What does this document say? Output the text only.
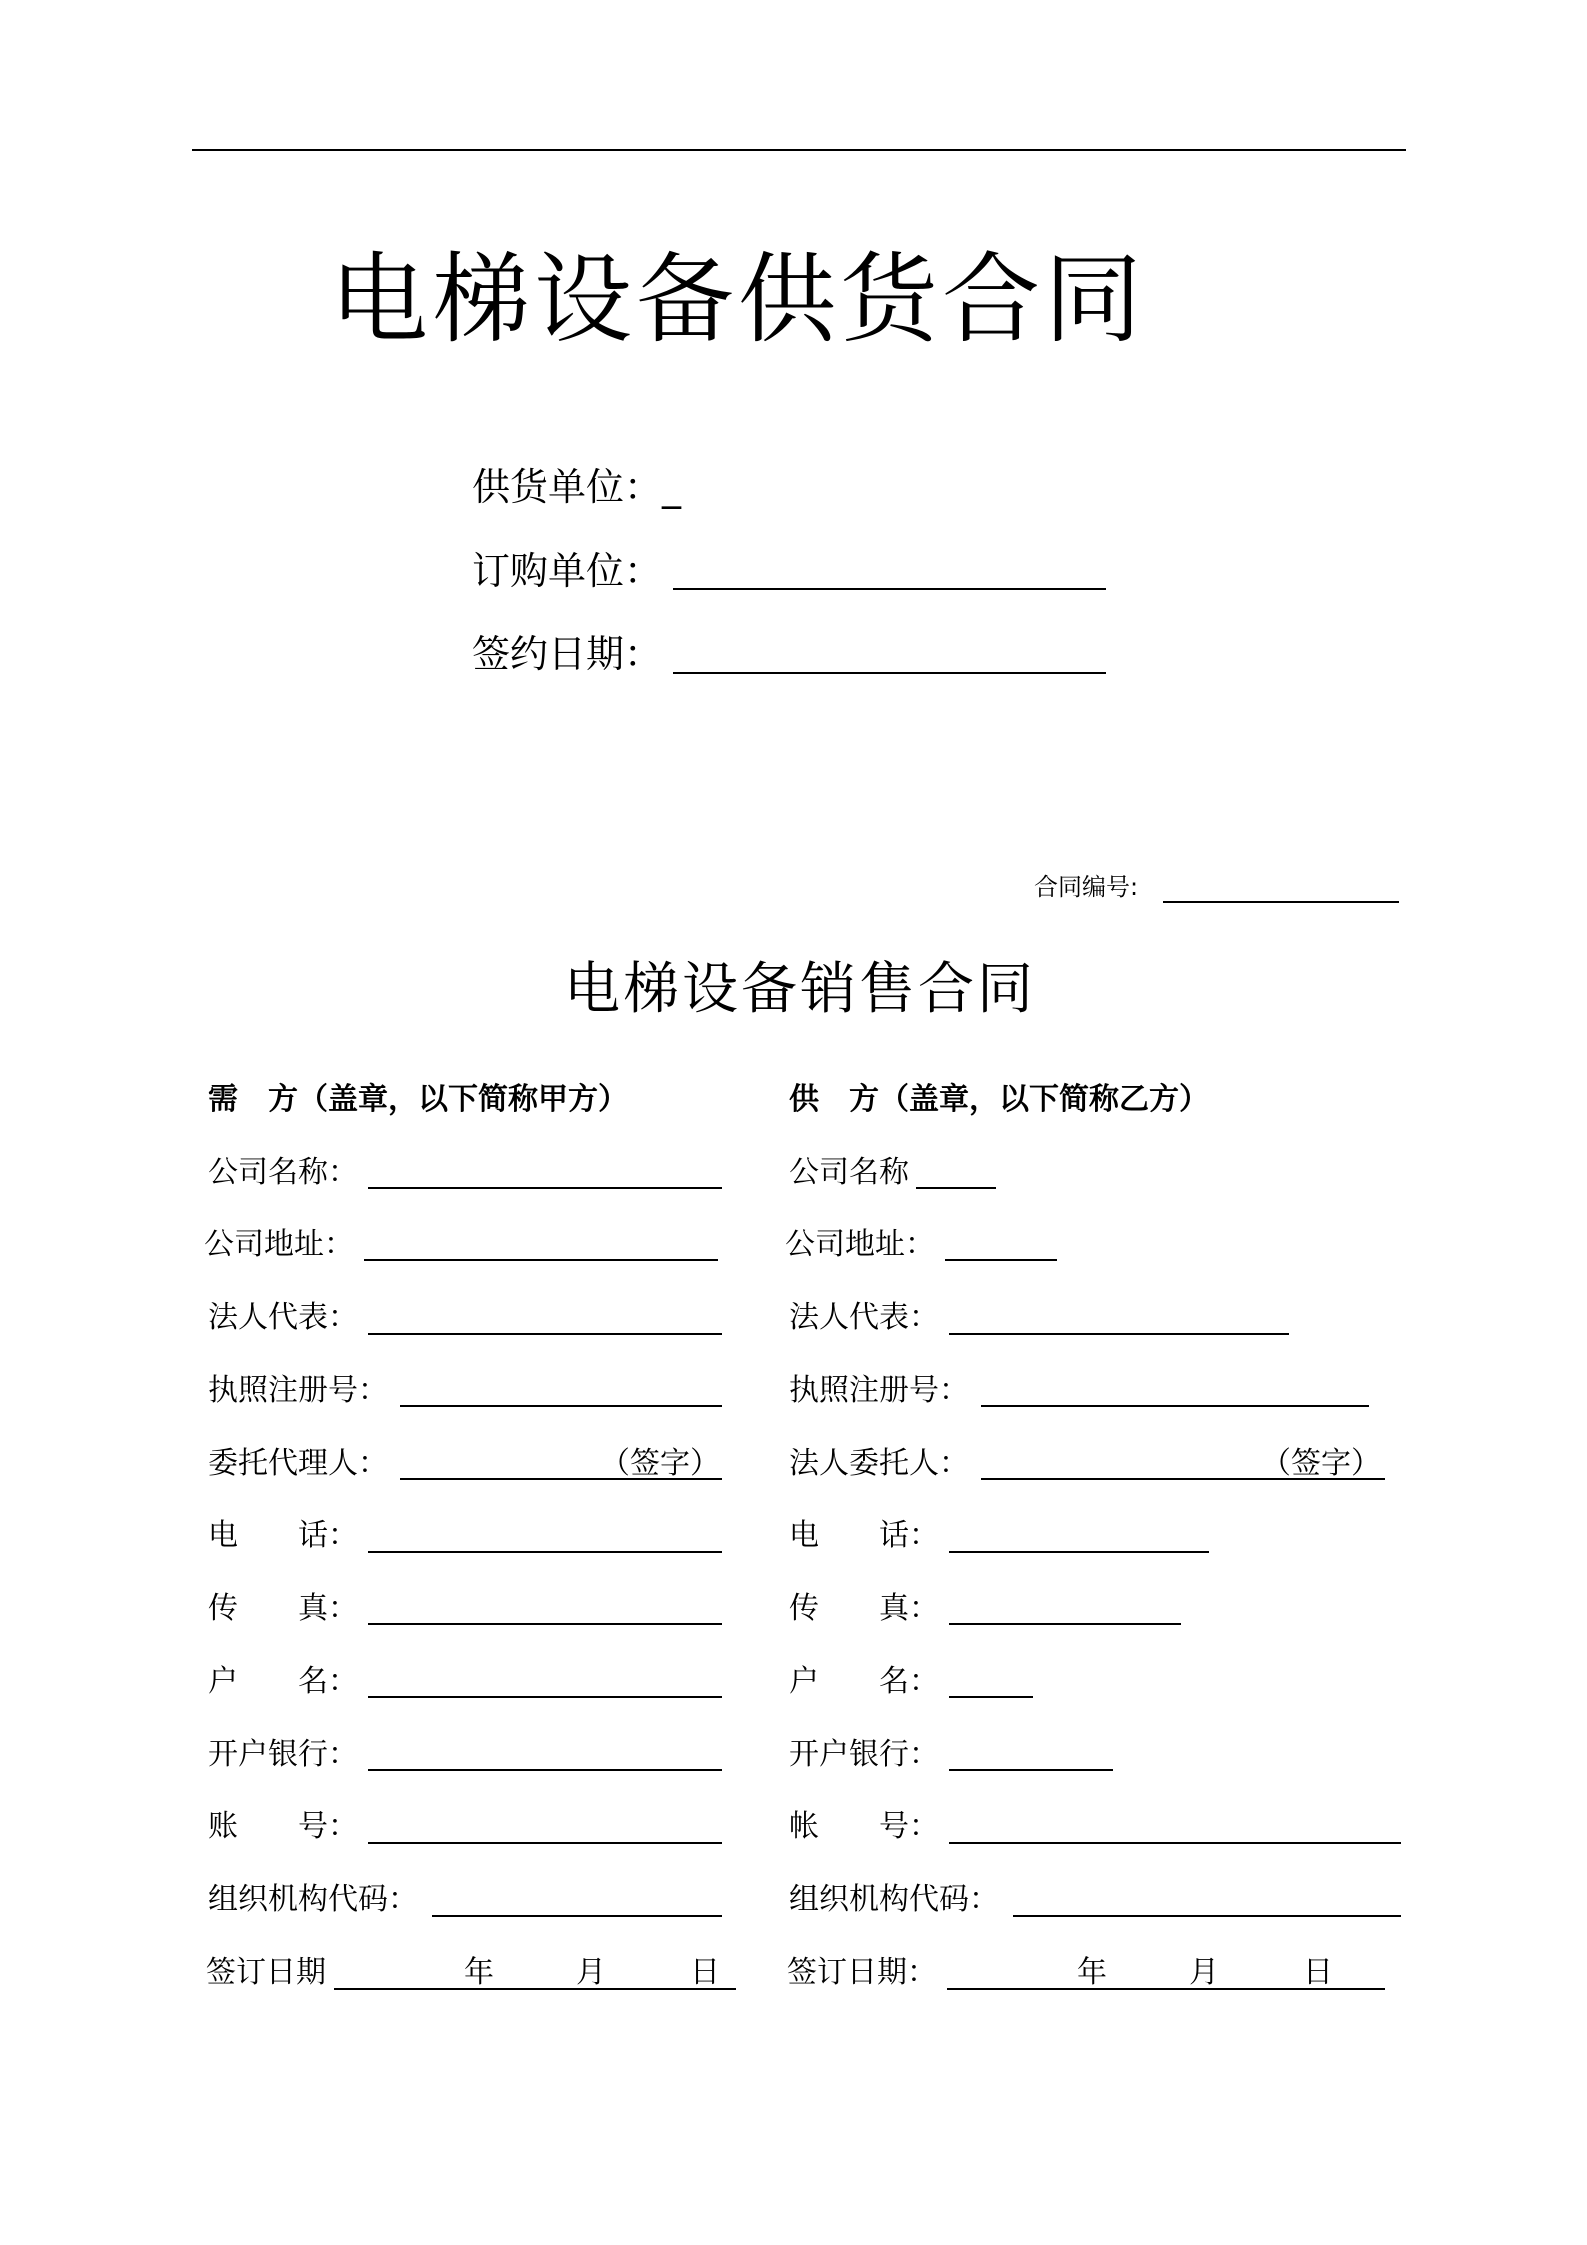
电梯设备供货合同
供货单位：_
订购单位：
签约日期：
合同编号:
电梯设备销售合同
需　方（盖章，以下简称甲方）
公司名称：
公司地址：
法人代表：
执照注册号：
委托代理人：	（签字）
电　　话：
传　　真：
户　　名：
开户银行：
账　　号：
组织机构代码：
签订日期	年	月	日
供　方（盖章，以下简称乙方）
公司名称
公司地址：
法人代表：
执照注册号：
法人委托人：	（签字）
电　　话：
传　　真：
户　　名：
开户银行：
帐　　号：
组织机构代码：
签订日期：	年	月	日
